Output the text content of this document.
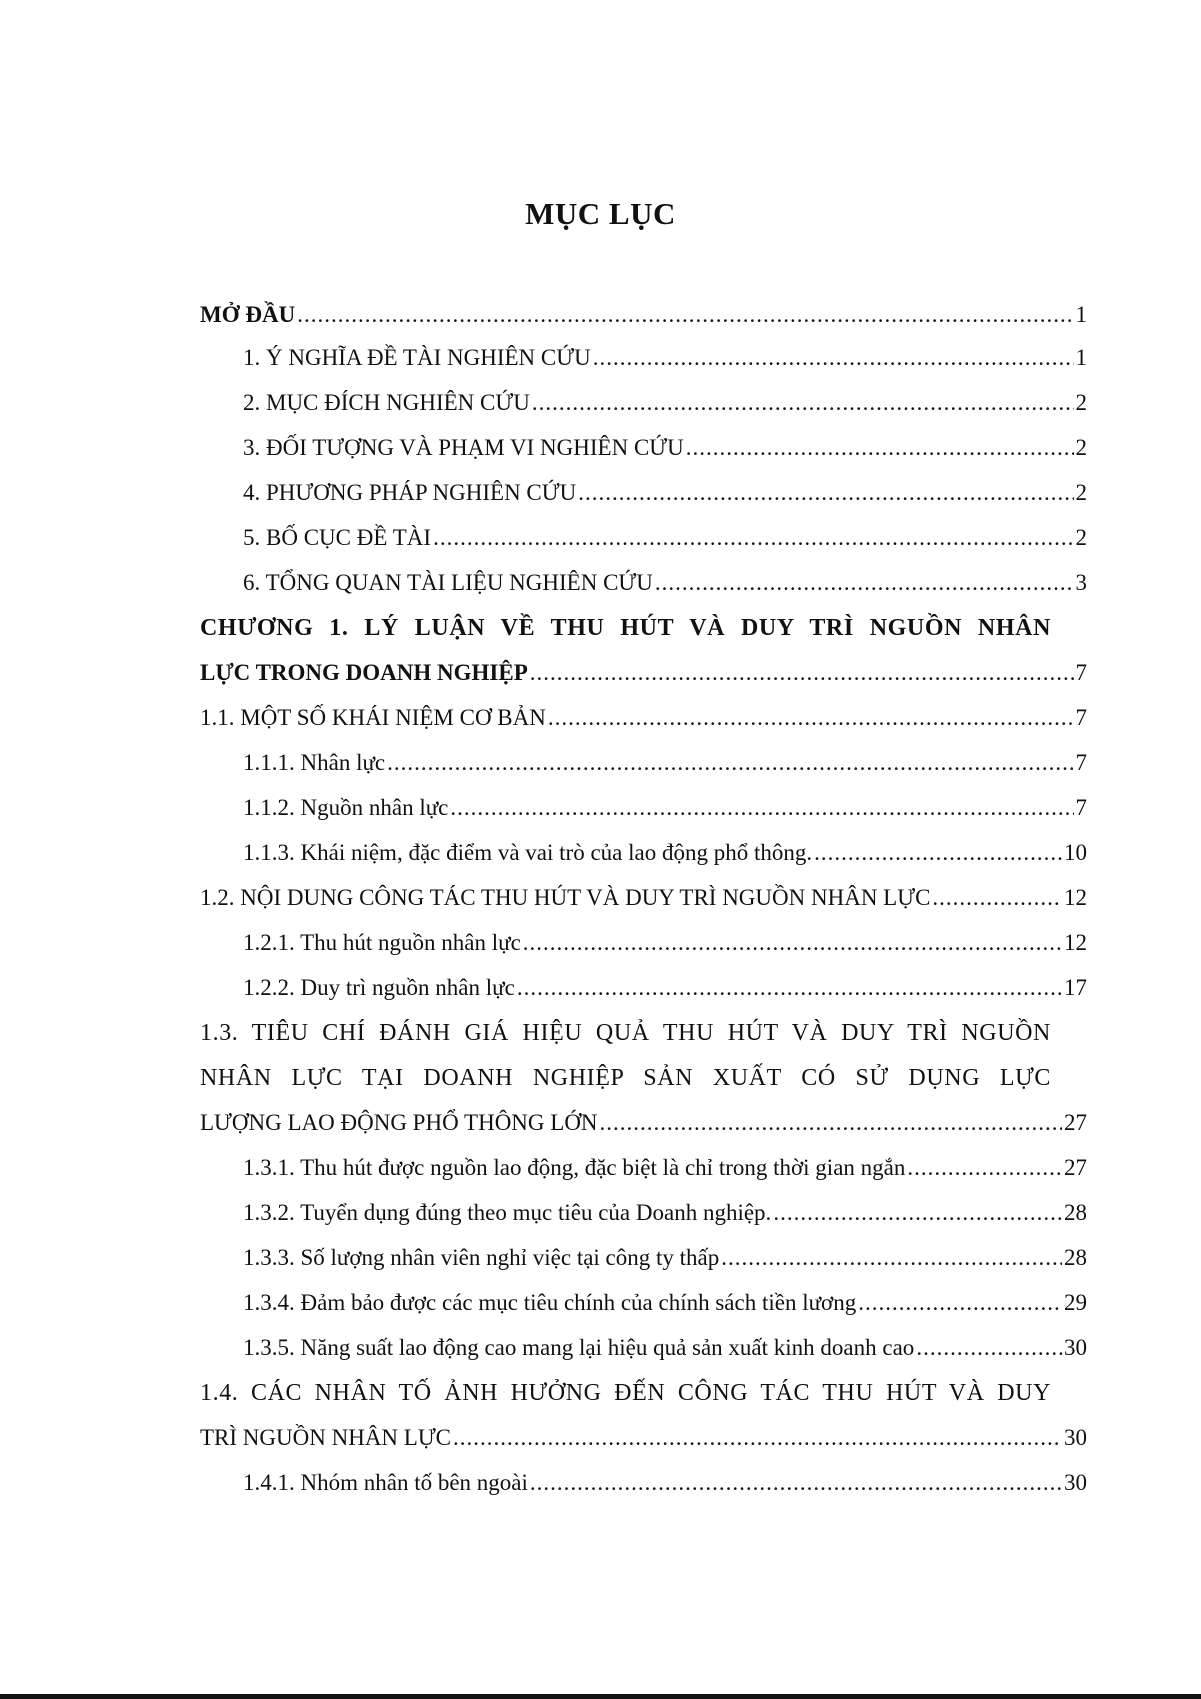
MỤC LỤC
MỞ ĐẦU .....	1
1. Ý NGHĨA ĐỀ TÀI NGHIÊN CỨU .....	1
2. MỤC ĐÍCH NGHIÊN CỨU .....	2
3. ĐỐI TƯỢNG VÀ PHẠM VI NGHIÊN CỨU .....	2
4. PHƯƠNG PHÁP NGHIÊN CỨU .....	2
5. BỐ CỤC ĐỀ TÀI .....	2
6. TỔNG QUAN TÀI LIỆU NGHIÊN CỨU .....	3
CHƯƠNG 1. LÝ LUẬN VỀ THU HÚT VÀ DUY TRÌ NGUỒN NHÂN
LỰC TRONG DOANH NGHIỆP .....	7
1.1. MỘT SỐ KHÁI NIỆM CƠ BẢN .....	7
1.1.1. Nhân lực .....	7
1.1.2. Nguồn nhân lực .....	7
1.1.3. Khái niệm, đặc điểm và vai trò của lao động phổ thông. .....	10
1.2. NỘI DUNG CÔNG TÁC THU HÚT VÀ DUY TRÌ NGUỒN NHÂN LỰC .....	12
1.2.1. Thu hút nguồn nhân lực .....	12
1.2.2. Duy trì nguồn nhân lực .....	17
1.3. TIÊU CHÍ ĐÁNH GIÁ HIỆU QUẢ THU HÚT VÀ DUY TRÌ NGUỒN
NHÂN LỰC TẠI DOANH NGHIỆP SẢN XUẤT CÓ SỬ DỤNG LỰC
LƯỢNG LAO ĐỘNG PHỔ THÔNG LỚN .....	27
1.3.1. Thu hút được nguồn lao động, đặc biệt là chỉ trong thời gian ngắn .....	27
1.3.2. Tuyển dụng đúng theo mục tiêu của Doanh nghiệp. .....	28
1.3.3. Số lượng nhân viên nghỉ việc tại công ty thấp .....	28
1.3.4. Đảm bảo được các mục tiêu chính của chính sách tiền lương .....	29
1.3.5. Năng suất lao động cao mang lại hiệu quả sản xuất kinh doanh cao .....	30
1.4. CÁC NHÂN TỐ ẢNH HƯỞNG ĐẾN CÔNG TÁC THU HÚT VÀ DUY
TRÌ NGUỒN NHÂN LỰC .....	30
1.4.1. Nhóm nhân tố bên ngoài .....	30
